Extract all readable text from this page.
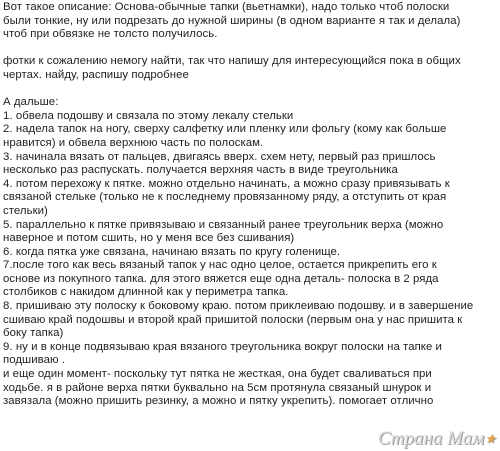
Вот такое описание: Основа-обычные тапки (вьетнамки), надо только чтоб полоски
были тонкие, ну или подрезать до нужной ширины (в одном варианте я так и делала)
чтоб при обвязке не толсто получилось.
фотки к сожалению немогу найти, так что напишу для интересующийся пока в общих
чертах. найду, распишу подробнее
А дальше:
1. обвела подошву и связала по этому лекалу стельки
2. надела тапок на ногу, сверху салфетку или пленку или фольгу (кому как больше
нравится) и обвела верхнюю часть по полоскам.
3. начинала вязать от пальцев, двигаясь вверх. схем нету, первый раз пришлось
несколько раз распускать. получается верхняя часть в виде треугольника
4. потом перехожу к пятке. можно отдельно начинать, а можно сразу привязывать к
связаной стельке (только не к последнему провязанному ряду, а отступить от края
стельки)
5. параллельно к пятке привязываю и связанный ранее треугольник верха (можно
наверное и потом сшить, но у меня все без сшивания)
6. когда пятка уже связана, начинаю вязать по кругу голенище.
7.после того как весь вязаный тапок у нас одно целое, остается прикрепить его к
основе из покупного тапка. для этого вяжется еще одна деталь- полоска в 2 ряда
столбиков с накидом длинной как у периметра тапка.
8. пришиваю эту полоску к боковому краю. потом приклеиваю подошву. и в завершение
сшиваю край подошвы и второй край пришитой полоски (первым она у нас пришита к
боку тапка)
9. ну и в конце подвязываю края вязаного треугольника вокруг полоски на тапке и
подшиваю .
и еще один момент- поскольку тут пятка не жесткая, она будет сваливаться при
ходьбе. я в районе верха пятки буквально на 5см протянула связаный шнурок и
завязала (можно пришить резинку, а можно и пятку укрепить). помогает отлично
Страна Мам★
